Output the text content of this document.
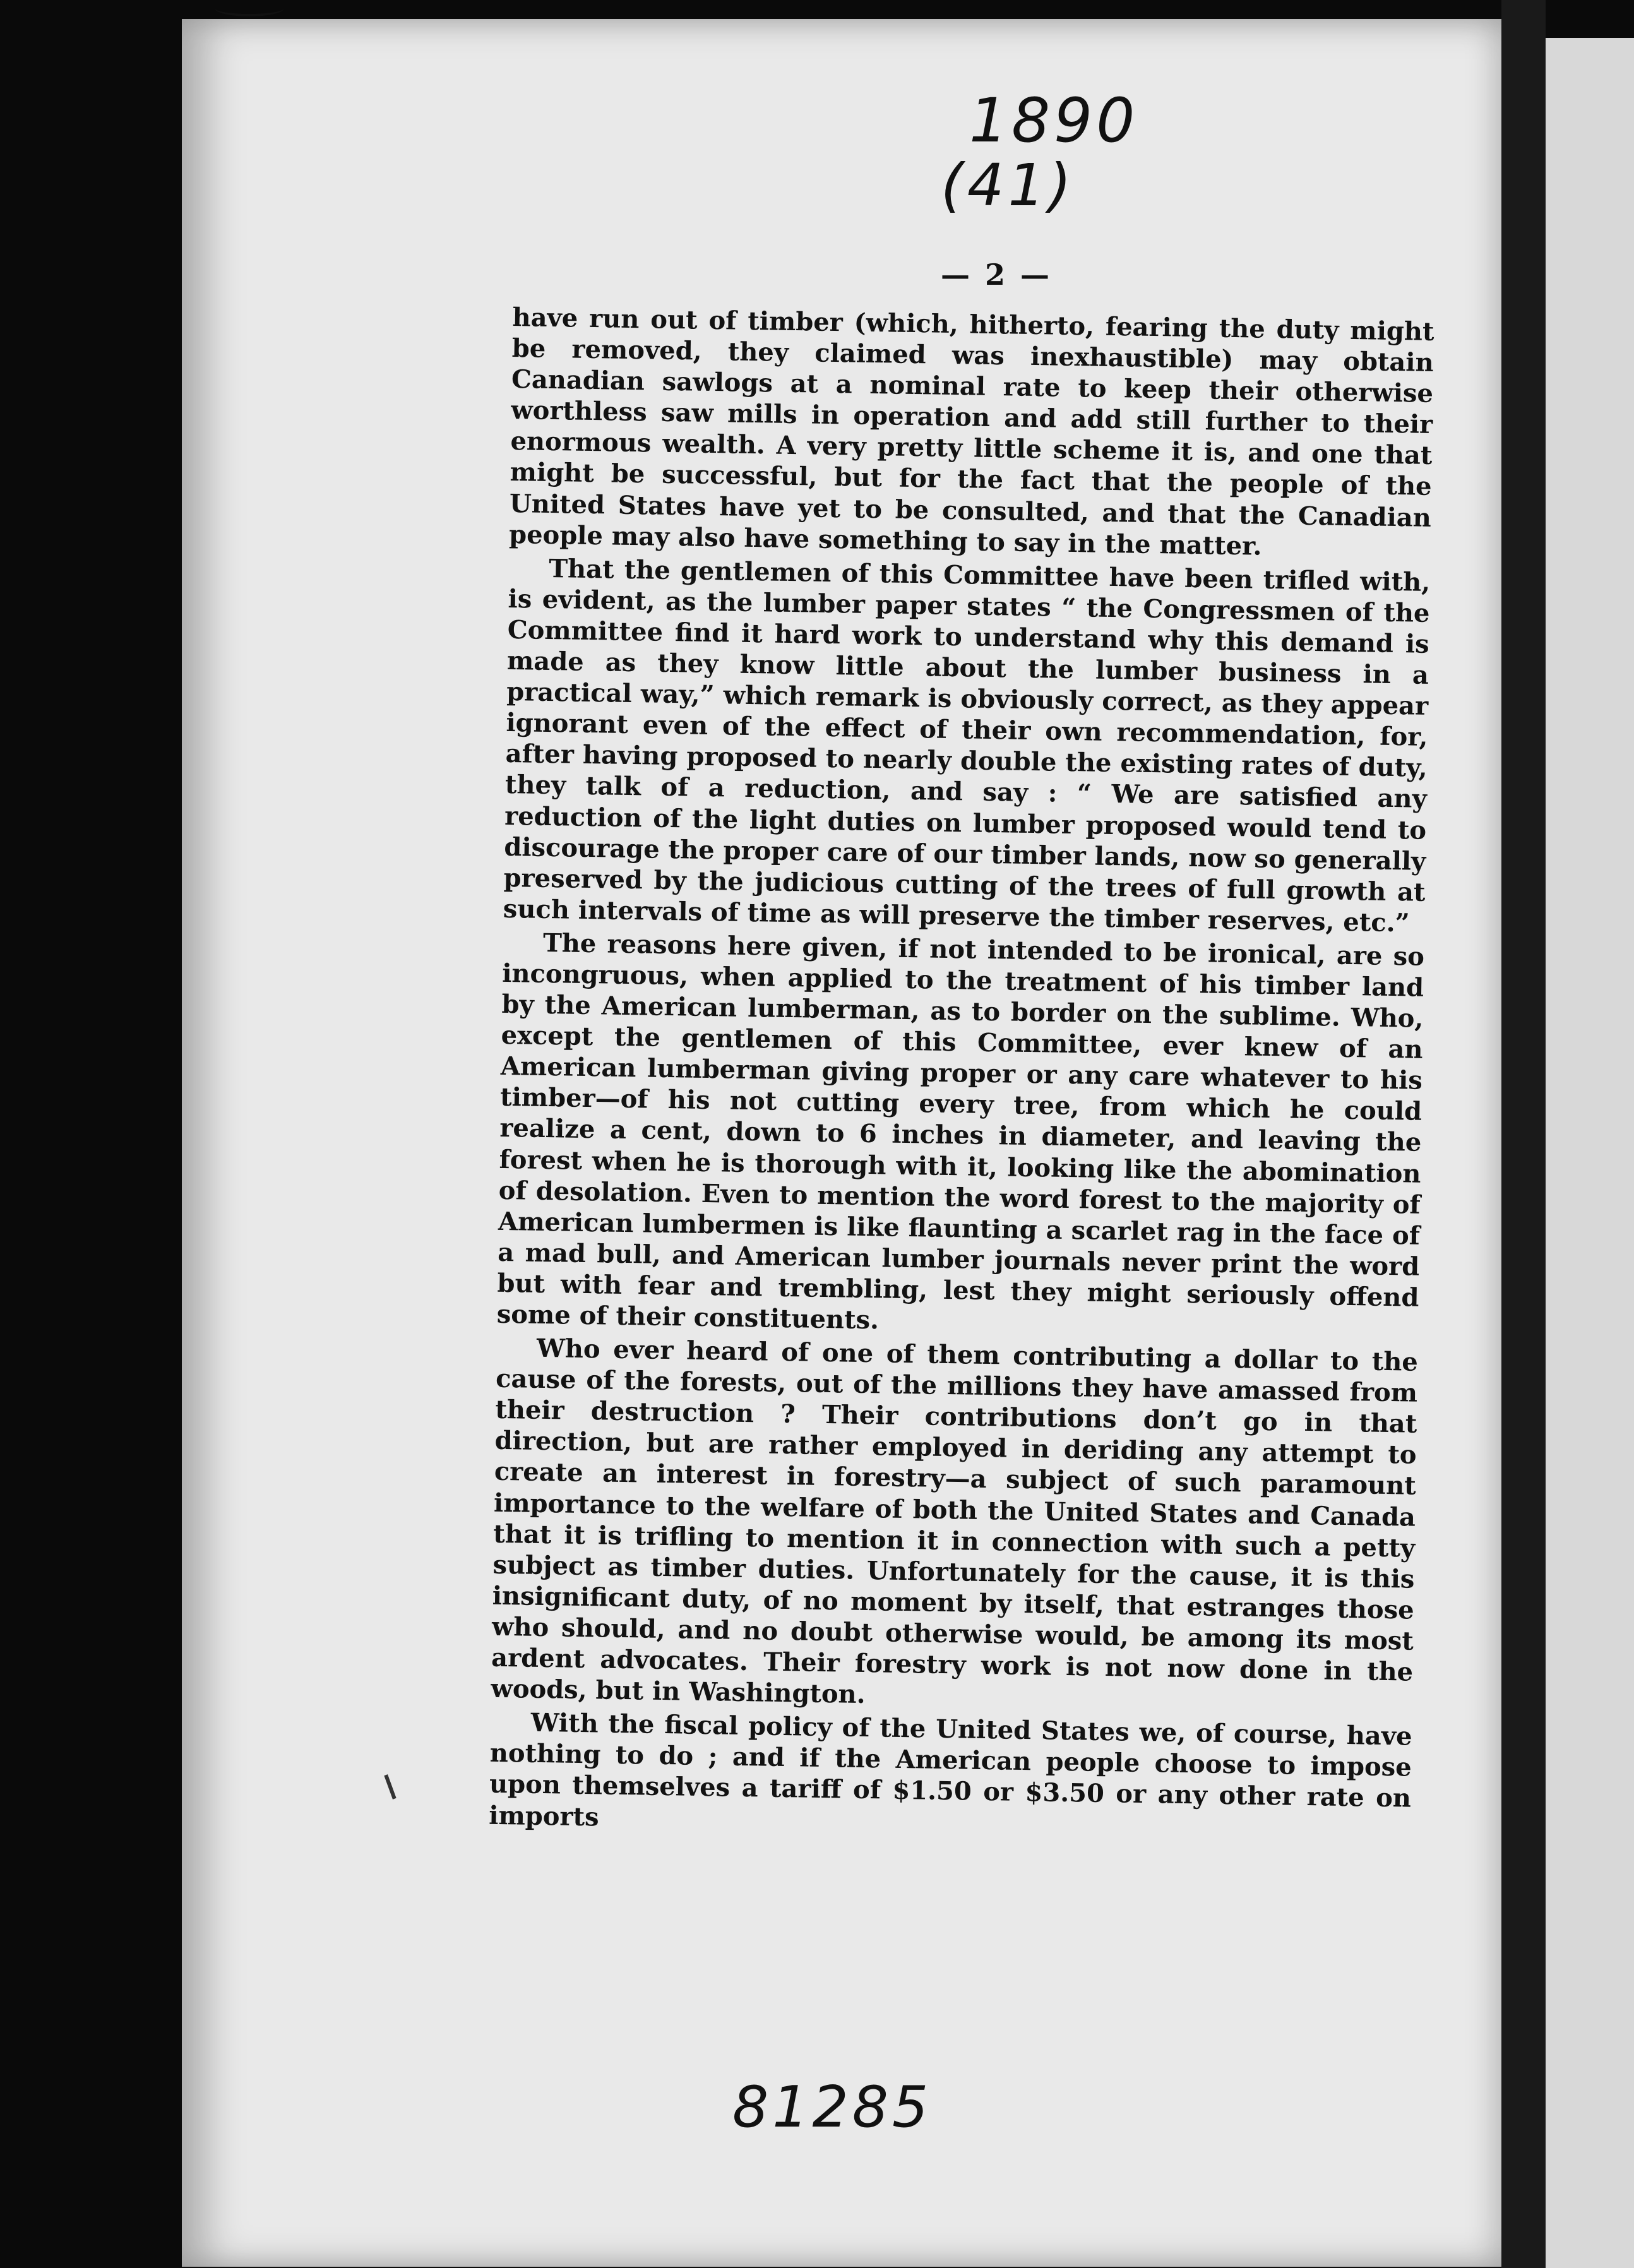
1890
(41)
— 2 —

have run out of timber (which, hitherto, fearing the duty might be removed, they claimed was inexhaustible) may obtain Canadian sawlogs at a nominal rate to keep their otherwise worthless saw mills in operation and add still further to their enormous wealth. A very pretty little scheme it is, and one that might be successful, but for the fact that the people of the United States have yet to be consulted, and that the Canadian people may also have something to say in the matter.

That the gentlemen of this Committee have been trifled with, is evident, as the lumber paper states “ the Congressmen of the Committee find it hard work to understand why this demand is made as they know little about the lumber business in a practical way,” which remark is obviously correct, as they appear ignorant even of the effect of their own recommendation, for, after having proposed to nearly double the existing rates of duty, they talk of a reduction, and say : “ We are satisfied any reduction of the light duties on lumber proposed would tend to discourage the proper care of our timber lands, now so generally preserved by the judicious cutting of the trees of full growth at such intervals of time as will preserve the timber reserves, etc.”

The reasons here given, if not intended to be ironical, are so incongruous, when applied to the treatment of his timber land by the American lumberman, as to border on the sublime. Who, except the gentlemen of this Committee, ever knew of an American lumberman giving proper or any care whatever to his timber—of his not cutting every tree, from which he could realize a cent, down to 6 inches in diameter, and leaving the forest when he is thorough with it, looking like the abomination of desolation. Even to mention the word forest to the majority of American lumbermen is like flaunting a scarlet rag in the face of a mad bull, and American lumber journals never print the word but with fear and trembling, lest they might seriously offend some of their constituents.

Who ever heard of one of them contributing a dollar to the cause of the forests, out of the millions they have amassed from their destruction ? Their contributions don’t go in that direction, but are rather employed in deriding any attempt to create an interest in forestry—a subject of such paramount importance to the welfare of both the United States and Canada that it is trifling to mention it in connection with such a petty subject as timber duties. Unfortunately for the cause, it is this insignificant duty, of no moment by itself, that estranges those who should, and no doubt otherwise would, be among its most ardent advocates. Their forestry work is not now done in the woods, but in Washington.

With the fiscal policy of the United States we, of course, have nothing to do ; and if the American people choose to impose upon themselves a tariff of $1.50 or $3.50 or any other rate on imports

81285
